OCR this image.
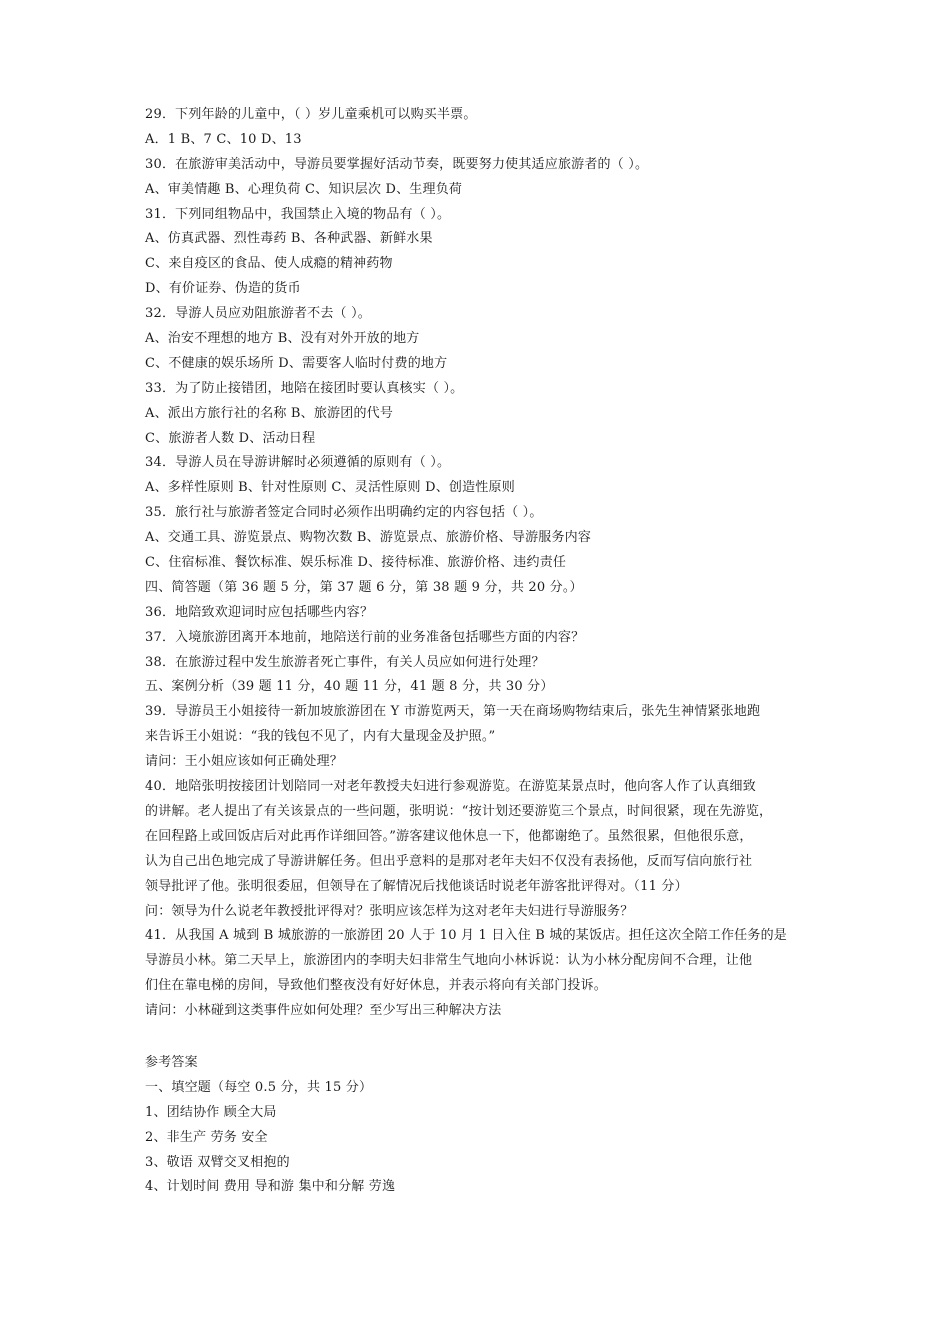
29．下列年龄的儿童中，（ ）岁儿童乘机可以购买半票。
A．1 B、7 C、10 D、13
30．在旅游审美活动中，导游员要掌握好活动节奏，既要努力使其适应旅游者的（ ）。
A、审美情趣 B、心理负荷 C、知识层次 D、生理负荷
31．下列同组物品中，我国禁止入境的物品有（ ）。
A、仿真武器、烈性毒药 B、各种武器、新鲜水果
C、来自疫区的食品、使人成瘾的精神药物
D、有价证券、伪造的货币
32．导游人员应劝阻旅游者不去（ ）。
A、治安不理想的地方 B、没有对外开放的地方
C、不健康的娱乐场所 D、需要客人临时付费的地方
33．为了防止接错团，地陪在接团时要认真核实（ ）。
A、派出方旅行社的名称 B、旅游团的代号
C、旅游者人数 D、活动日程
34．导游人员在导游讲解时必须遵循的原则有（ ）。
A、多样性原则 B、针对性原则 C、灵活性原则 D、创造性原则
35．旅行社与旅游者签定合同时必须作出明确约定的内容包括（ ）。
A、交通工具、游览景点、购物次数 B、游览景点、旅游价格、导游服务内容
C、住宿标准、餐饮标准、娱乐标准 D、接待标准、旅游价格、违约责任
四、简答题（第 36 题 5 分，第 37 题 6 分，第 38 题 9 分，共 20 分。）
36．地陪致欢迎词时应包括哪些内容？
37．入境旅游团离开本地前，地陪送行前的业务准备包括哪些方面的内容？
38．在旅游过程中发生旅游者死亡事件，有关人员应如何进行处理？
五、案例分析（39 题 11 分，40 题 11 分，41 题 8 分，共 30 分）
39．导游员王小姐接待一新加坡旅游团在 Y 市游览两天，第一天在商场购物结束后，张先生神情紧张地跑
来告诉王小姐说：“我的钱包不见了，内有大量现金及护照。”
请问：王小姐应该如何正确处理？
40．地陪张明按接团计划陪同一对老年教授夫妇进行参观游览。在游览某景点时，他向客人作了认真细致
的讲解。老人提出了有关该景点的一些问题，张明说：“按计划还要游览三个景点，时间很紧，现在先游览，
在回程路上或回饭店后对此再作详细回答。”游客建议他休息一下，他都谢绝了。虽然很累，但他很乐意，
认为自己出色地完成了导游讲解任务。但出乎意料的是那对老年夫妇不仅没有表扬他，反而写信向旅行社
领导批评了他。张明很委屈，但领导在了解情况后找他谈话时说老年游客批评得对。（11 分）
问：领导为什么说老年教授批评得对？张明应该怎样为这对老年夫妇进行导游服务？
41．从我国 A 城到 B 城旅游的一旅游团 20 人于 10 月 1 日入住 B 城的某饭店。担任这次全陪工作任务的是
导游员小林。第二天早上，旅游团内的李明夫妇非常生气地向小林诉说：认为小林分配房间不合理，让他
们住在靠电梯的房间，导致他们整夜没有好好休息，并表示将向有关部门投诉。
请问：小林碰到这类事件应如何处理？至少写出三种解决方法
参考答案
一、填空题（每空 0.5 分，共 15 分）
1、团结协作 顾全大局
2、非生产 劳务 安全
3、敬语 双臂交叉相抱的
4、计划时间 费用 导和游 集中和分解 劳逸
